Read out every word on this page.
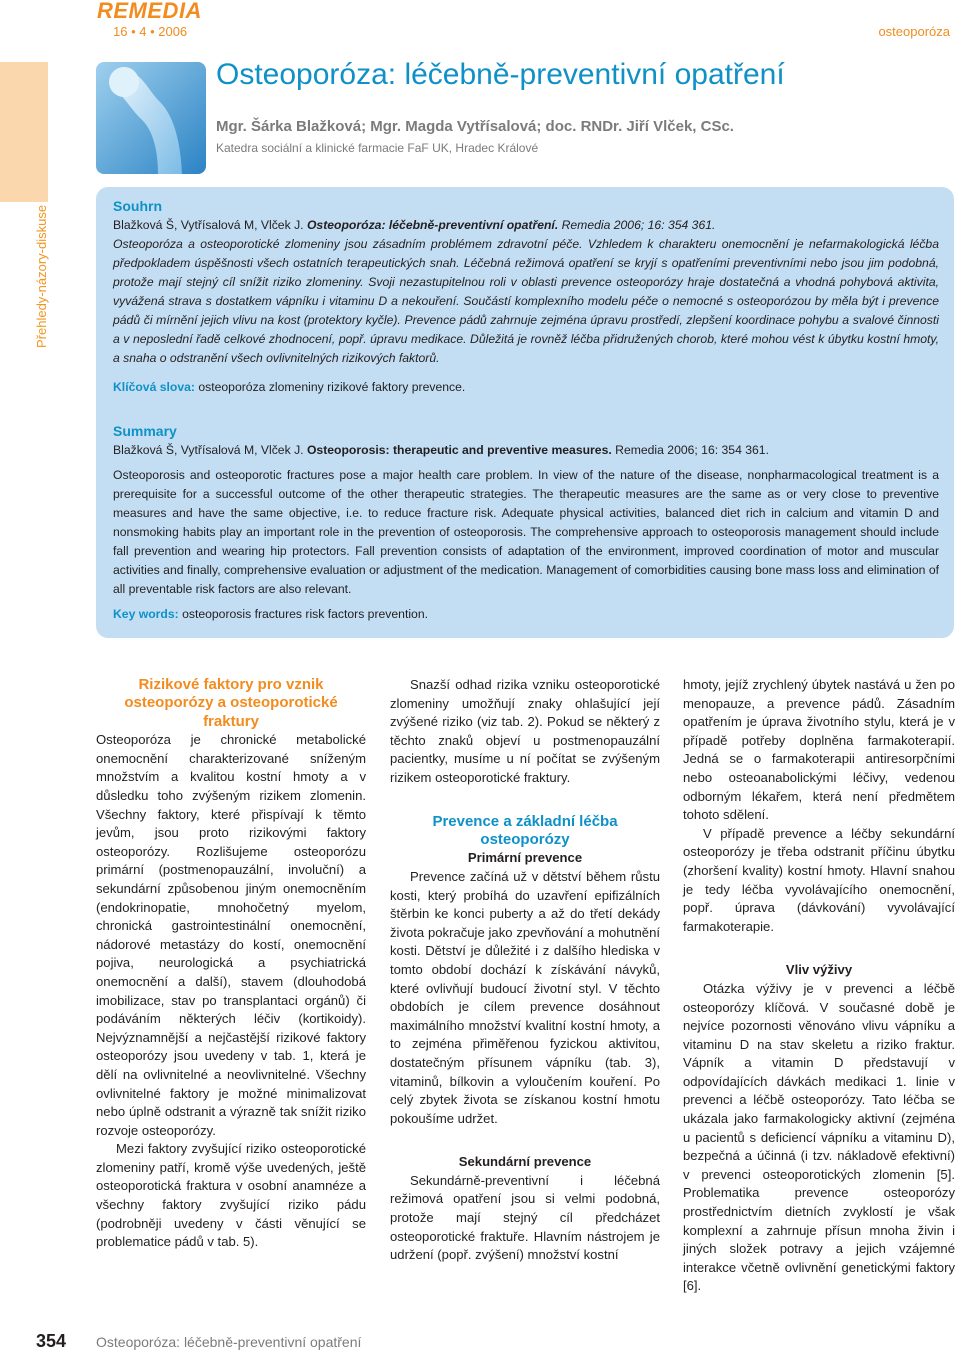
REMEDIA
16 • 4 • 2006	osteoporóza
Přehledy-názory-diskuse
Osteoporóza: léčebně-preventivní opatření

Mgr. Šárka Blažková; Mgr. Magda Vytřísalová; doc. RNDr. Jiří Vlček, CSc.

Katedra sociální a klinické farmacie FaF UK, Hradec Králové

Souhrn

Blažková Š, Vytřísalová M, Vlček J. Osteoporóza: léčebně-preventivní opatření. Remedia 2006; 16: 354 361.

Osteoporóza a osteoporotické zlomeniny jsou zásadním problémem zdravotní péče. Vzhledem k charakteru onemocnění je nefarmakologická léčba předpokladem úspěšnosti všech ostatních terapeutických snah. Léčebná režimová opatření se kryjí s opatřeními preventivními nebo jsou jim podobná, protože mají stejný cíl snížit riziko zlomeniny. Svoji nezastupitelnou roli v oblasti prevence osteoporózy hraje dostatečná a vhodná pohybová aktivita, vyvážená strava s dostatkem vápníku i vitaminu D a nekouření. Součástí komplexního modelu péče o nemocné s osteoporózou by měla být i prevence pádů či mírnění jejich vlivu na kost (protektory kyčle). Prevence pádů zahrnuje zejména úpravu prostředí, zlepšení koordinace pohybu a svalové činnosti a v neposlední řadě celkové zhodnocení, popř. úpravu medikace. Důležitá je rovněž léčba přidružených chorob, které mohou vést k úbytku kostní hmoty, a snaha o odstranění všech ovlivnitelných rizikových faktorů.

Klíčová slova: osteoporóza zlomeniny rizikové faktory prevence.

Summary

Blažková Š, Vytřísalová M, Vlček J. Osteoporosis: therapeutic and preventive measures. Remedia 2006; 16: 354 361.

Osteoporosis and osteoporotic fractures pose a major health care problem. In view of the nature of the disease, nonpharmacological treatment is a prerequisite for a successful outcome of the other therapeutic strategies. The therapeutic measures are the same as or very close to preventive measures and have the same objective, i.e. to reduce fracture risk. Adequate physical activities, balanced diet rich in calcium and vitamin D and nonsmoking habits play an important role in the prevention of osteoporosis. The comprehensive approach to osteoporosis management should include fall prevention and wearing hip protectors. Fall prevention consists of adaptation of the environment, improved coordination of motor and muscular activities and finally, comprehensive evaluation or adjustment of the medication. Management of comorbidities causing bone mass loss and elimination of all preventable risk factors are also relevant.

Key words: osteoporosis fractures risk factors prevention.

Rizikové faktory pro vznik osteoporózy a osteoporotické fraktury

Osteoporóza je chronické metabolické onemocnění charakterizované sníženým množstvím a kvalitou kostní hmoty a v důsledku toho zvýšeným rizikem zlomenin. Všechny faktory, které přispívají k těmto jevům, jsou proto rizikovými faktory osteoporózy. Rozlišujeme osteoporózu primární (postmenopauzální, involuční) a sekundární způsobenou jiným onemocněním (endokrinopatie, mnohočetný myelom, chronická gastrointestinální onemocnění, nádorové metastázy do kostí, onemocnění pojiva, neurologická a psychiatrická onemocnění a další), stavem (dlouhodobá imobilizace, stav po transplantaci orgánů) či podáváním některých léčiv (kortikoidy). Nejvýznamnější a nejčastější rizikové faktory osteoporózy jsou uvedeny v tab. 1, která je dělí na ovlivnitelné a neovlivnitelné. Všechny ovlivnitelné faktory je možné minimalizovat nebo úplně odstranit a výrazně tak snížit riziko rozvoje osteoporózy.

Mezi faktory zvyšující riziko osteoporotické zlomeniny patří, kromě výše uvedených, ještě osteoporotická fraktura v osobní anamnéze a všechny faktory zvyšující riziko pádu (podrobněji uvedeny v části věnující se problematice pádů v tab. 5).

Snazší odhad rizika vzniku osteoporotické zlomeniny umožňují znaky ohlašující její zvýšené riziko (viz tab. 2). Pokud se některý z těchto znaků objeví u postmenopauzální pacientky, musíme u ní počítat se zvýšeným rizikem osteoporotické fraktury.

Prevence a základní léčba osteoporózy

Primární prevence

Prevence začíná už v dětství během růstu kosti, který probíhá do uzavření epifizálních štěrbin ke konci puberty a až do třetí dekády života pokračuje jako zpevňování a mohutnění kosti. Dětství je důležité i z dalšího hlediska v tomto období dochází k získávání návyků, které ovlivňují budoucí životní styl. V těchto obdobích je cílem prevence dosáhnout maximálního množství kvalitní kostní hmoty, a to zejména přiměřenou fyzickou aktivitou, dostatečným přísunem vápníku (tab. 3), vitaminů, bílkovin a vyloučením kouření. Po celý zbytek života se získanou kostní hmotu pokoušíme udržet.

Sekundární prevence

Sekundárně-preventivní i léčebná režimová opatření jsou si velmi podobná, protože mají stejný cíl předcházet osteoporotické fraktuře. Hlavním nástrojem je udržení (popř. zvýšení) množství kostní

hmoty, jejíž zrychlený úbytek nastává u žen po menopauze, a prevence pádů. Zásadním opatřením je úprava životního stylu, která je v případě potřeby doplněna farmakoterapií. Jedná se o farmakoterapii antiresorpčními nebo osteoanabolickými léčivy, vedenou odborným lékařem, která není předmětem tohoto sdělení.

V případě prevence a léčby sekundární osteoporózy je třeba odstranit příčinu úbytku (zhoršení kvality) kostní hmoty. Hlavní snahou je tedy léčba vyvolávajícího onemocnění, popř. úprava (dávkování) vyvolávající farmakoterapie.

Vliv výživy

Otázka výživy je v prevenci a léčbě osteoporózy klíčová. V současné době je nejvíce pozornosti věnováno vlivu vápníku a vitaminu D na stav skeletu a riziko fraktur. Vápník a vitamin D představují v odpovídajících dávkách medikaci 1. linie v prevenci a léčbě osteoporózy. Tato léčba se ukázala jako farmakologicky aktivní (zejména u pacientů s deficiencí vápníku a vitaminu D), bezpečná a účinná (i tzv. nákladově efektivní) v prevenci osteoporotických zlomenin [5]. Problematika prevence osteoporózy prostřednictvím dietních zvyklostí je však komplexní a zahrnuje přísun mnoha živin i jiných složek potravy a jejich vzájemné interakce včetně ovlivnění genetickými faktory [6].

354 Osteoporóza: léčebně-preventivní opatření
